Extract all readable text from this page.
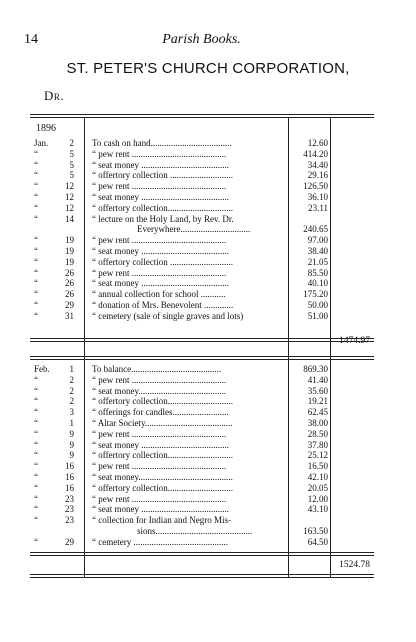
14	Parish Books.
ST. PETER'S CHURCH CORPORATION,
Dr.
1896
Jan.	2 To cash on hand....................................	12.60
“	5 “ pew rent ..........................................	414.20
“	5 “ seat money .......................................	34.40
“	5 “ offertory collection ............................	29.16
“	12 “ pew rent ..........................................	126.50
“	12 “ seat money .......................................	36.10
“	12 “ offertory collection.............................	23.11
“	14 “ lecture on the Holy Land, by Rev. Dr.
Everywhere...............................	240.65
“	19 “ pew rent ..........................................	97.00
“	19 “ seat money .......................................	38.40
“	19 “ offertory collection ............................	21.05
“	26 “ pew rent ..........................................	85.50
“	26 “ seat money .......................................	40.10
“	26 “ annual collection for school ...........	175.20
“	29 “ donation of Mrs. Benevolent .............	50.00
“	31 “ cemetery (sale of single graves and lots)	51.00
1474.97
Feb.	1 To balance........................................	869.30
“	2 “ pew rent ..........................................	41.40
“	2 “ seat money.......................................	35.60
“	2 “ offertory collection.............................	19.21
“	3 “ offerings for candles.........................	62.45
“	1 “ Altar Society.......................................	38.00
“	9 “ pew rent ..........................................	28.50
“	9 “ seat money .......................................	37.80
“	9 “ offertory collection.............................	25.12
“	16 “ pew rent ..........................................	16.50
“	16 “ seat money..........................................	42.10
“	16 “ offertory collection.............................	20.05
“	23 “ pew rent ..........................................	12.00
“	23 “ seat money .......................................	43.10
“	23 “ collection for Indian and Negro Mis-
sions...........................................	163.50
“	29 “ cemetery ..........................................	64.50
1524.78
